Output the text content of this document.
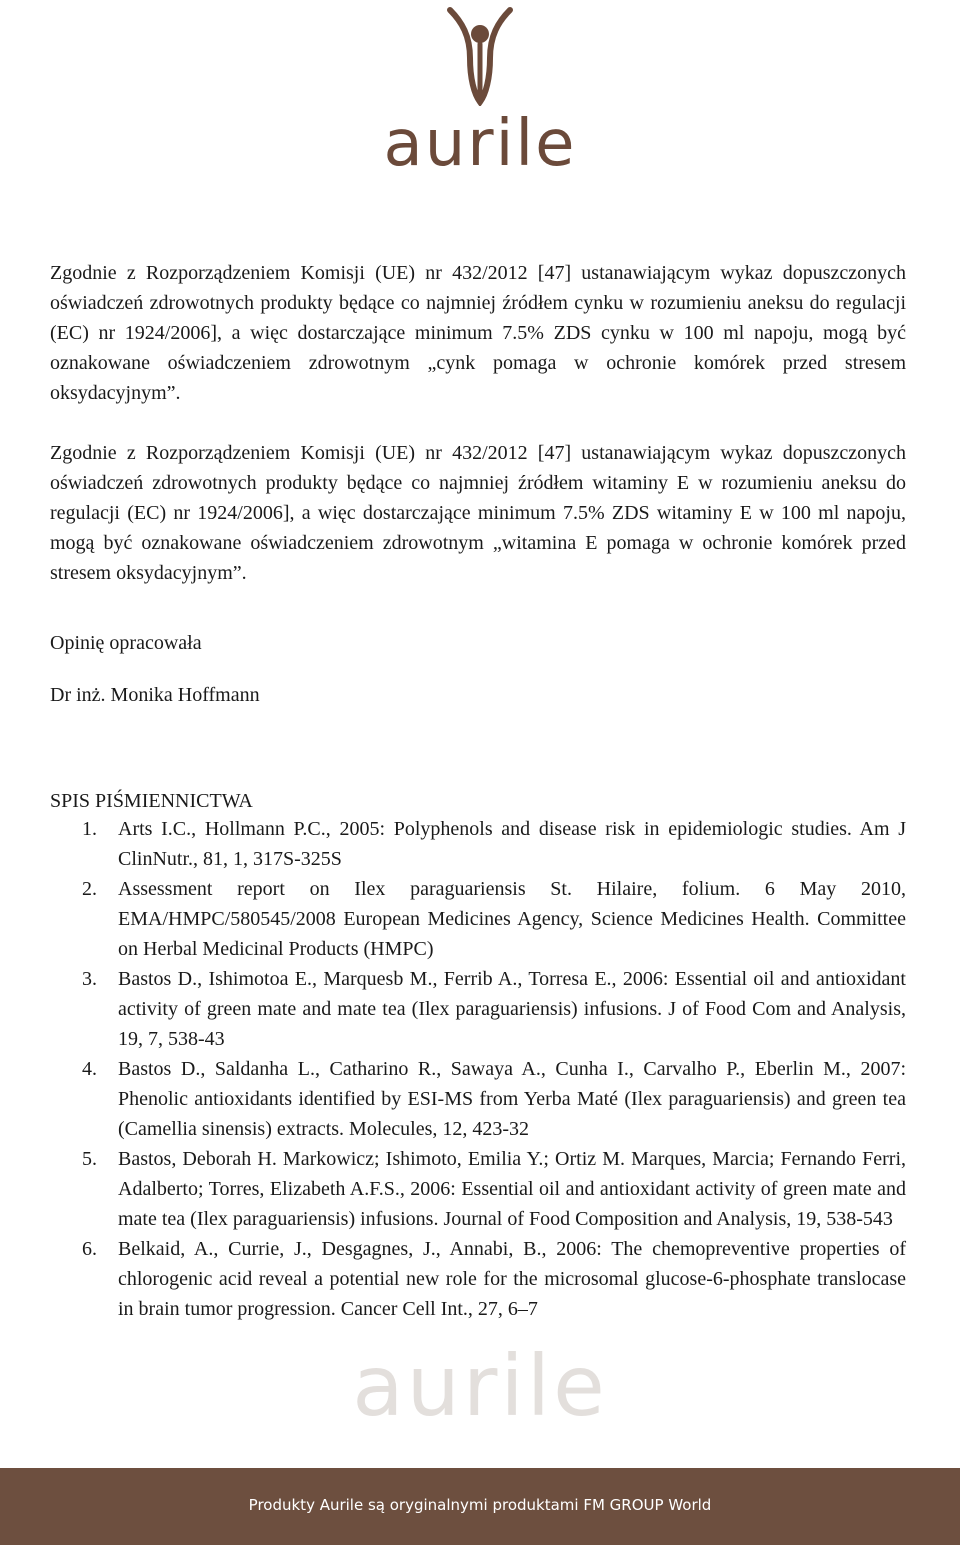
aurile

Zgodnie z Rozporządzeniem Komisji (UE) nr 432/2012 [47] ustanawiającym wykaz dopuszczonych oświadczeń zdrowotnych produkty będące co najmniej źródłem cynku w rozumieniu aneksu do regulacji (EC) nr 1924/2006], a więc dostarczające minimum 7.5% ZDS cynku w 100 ml napoju, mogą być oznakowane oświadczeniem zdrowotnym „cynk pomaga w ochronie komórek przed stresem oksydacyjnym”.

Zgodnie z Rozporządzeniem Komisji (UE) nr 432/2012 [47] ustanawiającym wykaz dopuszczonych oświadczeń zdrowotnych produkty będące co najmniej źródłem witaminy E w rozumieniu aneksu do regulacji (EC) nr 1924/2006], a więc dostarczające minimum 7.5% ZDS witaminy E w 100 ml napoju, mogą być oznakowane oświadczeniem zdrowotnym „witamina E pomaga w ochronie komórek przed stresem oksydacyjnym”.

Opinię opracowała
Dr inż. Monika Hoffmann
SPIS PIŚMIENNICTWA
1. Arts I.C., Hollmann P.C., 2005: Polyphenols and disease risk in epidemiologic studies. Am J ClinNutr., 81, 1, 317S-325S
2. Assessment report on Ilex paraguariensis St. Hilaire, folium. 6 May 2010, EMA/HMPC/580545/2008 European Medicines Agency, Science Medicines Health. Committee on Herbal Medicinal Products (HMPC)
3. Bastos D., Ishimotoa E., Marquesb M., Ferrib A., Torresa E., 2006: Essential oil and antioxidant activity of green mate and mate tea (Ilex paraguariensis) infusions. J of Food Com and Analysis, 19, 7, 538-43
4. Bastos D., Saldanha L., Catharino R., Sawaya A., Cunha I., Carvalho P., Eberlin M., 2007: Phenolic antioxidants identified by ESI-MS from Yerba Maté (Ilex paraguariensis) and green tea (Camellia sinensis) extracts. Molecules, 12, 423-32
5. Bastos, Deborah H. Markowicz; Ishimoto, Emilia Y.; Ortiz M. Marques, Marcia; Fernando Ferri, Adalberto; Torres, Elizabeth A.F.S., 2006: Essential oil and antioxidant activity of green mate and mate tea (Ilex paraguariensis) infusions. Journal of Food Composition and Analysis, 19, 538-543
6. Belkaid, A., Currie, J., Desgagnes, J., Annabi, B., 2006: The chemopreventive properties of chlorogenic acid reveal a potential new role for the microsomal glucose-6-phosphate translocase in brain tumor progression. Cancer Cell Int., 27, 6–7
aurile
Produkty Aurile są oryginalnymi produktami FM GROUP World
